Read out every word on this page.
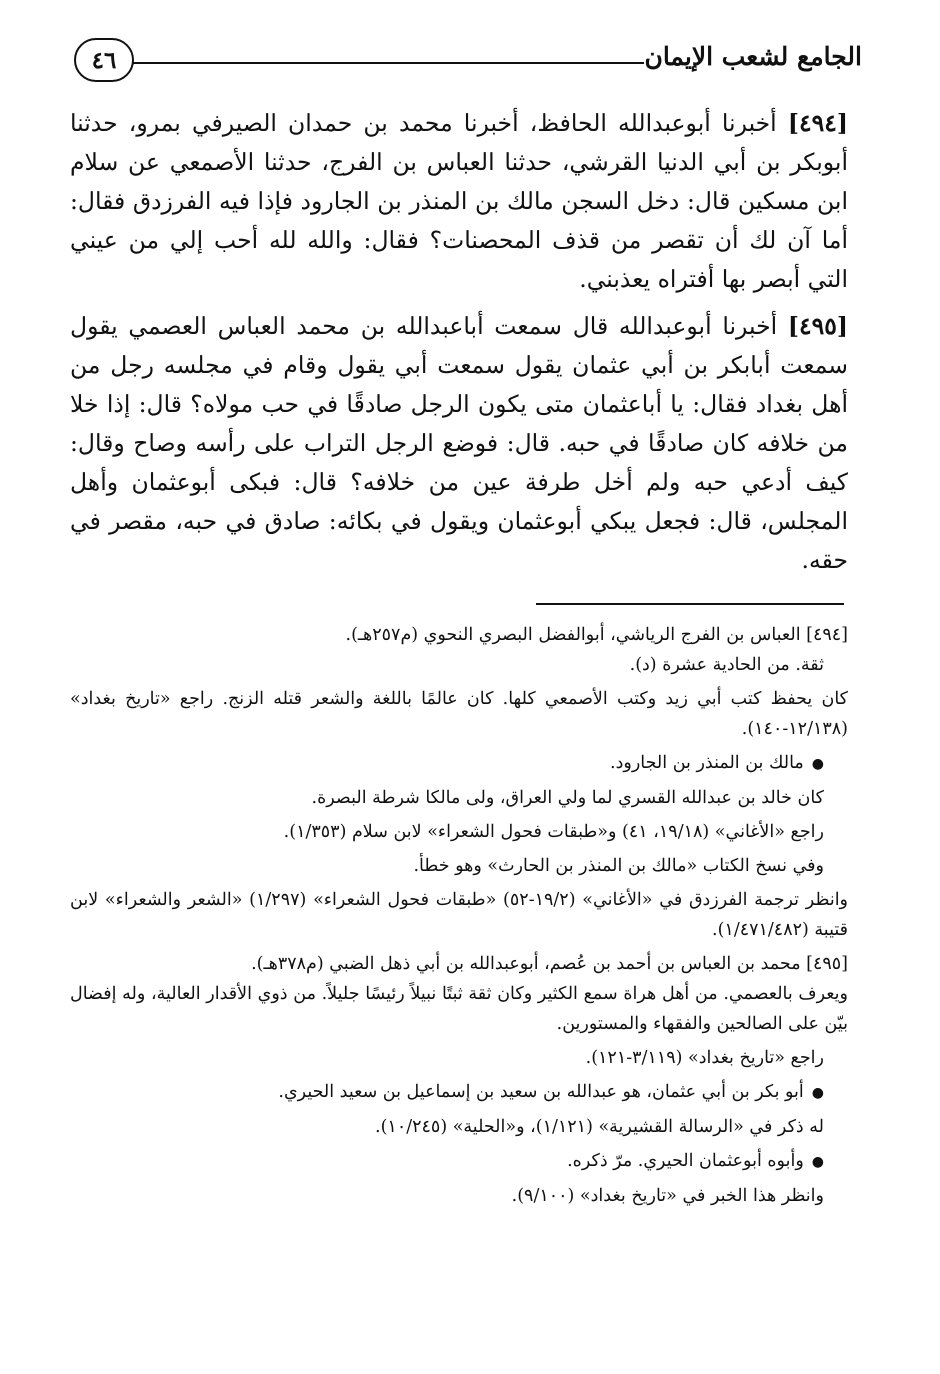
٤٦	الجامع لشعب الإيمان

[٤٩٤] أخبرنا أبوعبدالله الحافظ، أخبرنا محمد بن حمدان الصيرفي بمرو، حدثنا أبوبكر بن أبي الدنيا القرشي، حدثنا العباس بن الفرج، حدثنا الأصمعي عن سلام ابن مسكين قال: دخل السجن مالك بن المنذر بن الجارود فإذا فيه الفرزدق فقال: أما آن لك أن تقصر من قذف المحصنات؟ فقال: والله لله أحب إلي من عيني التي أبصر بها أفتراه يعذبني.

[٤٩٥] أخبرنا أبوعبدالله قال سمعت أباعبدالله بن محمد العباس العصمي يقول سمعت أبابكر بن أبي عثمان يقول سمعت أبي يقول وقام في مجلسه رجل من أهل بغداد فقال: يا أباعثمان متى يكون الرجل صادقًا في حب مولاه؟ قال: إذا خلا من خلافه كان صادقًا في حبه. قال: فوضع الرجل التراب على رأسه وصاح وقال: كيف أدعي حبه ولم أخل طرفة عين من خلافه؟ قال: فبكى أبوعثمان وأهل المجلس، قال: فجعل يبكي أبوعثمان ويقول في بكائه: صادق في حبه، مقصر في حقه.

[٤٩٤] العباس بن الفرج الرياشي، أبوالفضل البصري النحوي (م٢٥٧هـ).

ثقة. من الحادية عشرة (د).

كان يحفظ كتب أبي زيد وكتب الأصمعي كلها. كان عالمًا باللغة والشعر قتله الزنج. راجع «تاريخ بغداد» (١٢/١٣٨-١٤٠).

●مالك بن المنذر بن الجارود.

كان خالد بن عبدالله القسري لما ولي العراق، ولى مالكا شرطة البصرة.

راجع «الأغاني» (١٩/١٨، ٤١) و«طبقات فحول الشعراء» لابن سلام (١/٣٥٣).

وفي نسخ الكتاب «مالك بن المنذر بن الحارث» وهو خطأ.

وانظر ترجمة الفرزدق في «الأغاني» (١٩/٢-٥٢) «طبقات فحول الشعراء» (١/٢٩٧) «الشعر والشعراء» لابن قتيبة (١/٤٧١/٤٨٢).

[٤٩٥] محمد بن العباس بن أحمد بن عُصم، أبوعبدالله بن أبي ذهل الضبي (م٣٧٨هـ).

ويعرف بالعصمي. من أهل هراة سمع الكثير وكان ثقة ثبتًا نبيلاً رئيسًا جليلاً. من ذوي الأقدار العالية، وله إفضال بيّن على الصالحين والفقهاء والمستورين.

راجع «تاريخ بغداد» (٣/١١٩-١٢١).

●أبو بكر بن أبي عثمان، هو عبدالله بن سعيد بن إسماعيل بن سعيد الحيري.

له ذكر في «الرسالة القشيرية» (١/١٢١)، و«الحلية» (١٠/٢٤٥).

●وأبوه أبوعثمان الحيري. مرّ ذكره.

وانظر هذا الخبر في «تاريخ بغداد» (٩/١٠٠).
